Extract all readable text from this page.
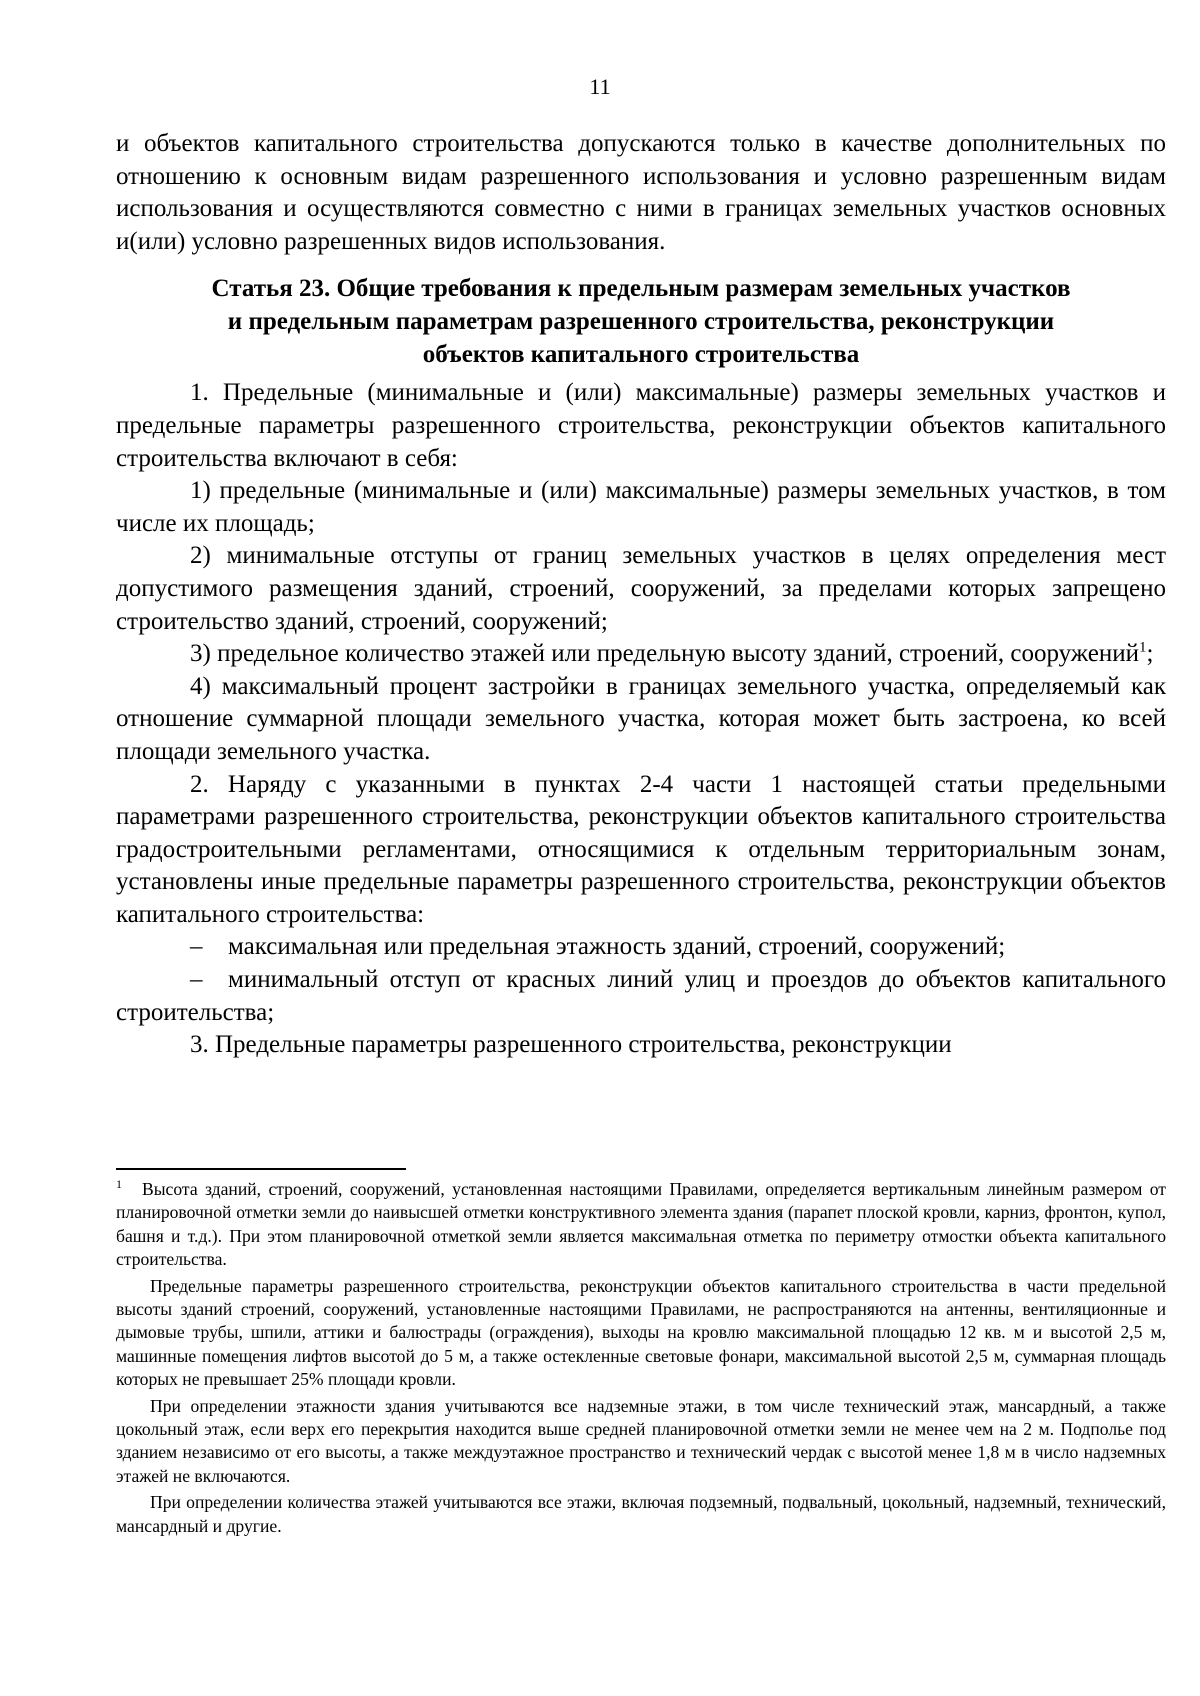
11

и объектов капитального строительства допускаются только в качестве дополнительных по отношению к основным видам разрешенного использования и условно разрешенным видам использования и осуществляются совместно с ними в границах земельных участков основных и(или) условно разрешенных видов использования.

Статья 23. Общие требования к предельным размерам земельных участков
и предельным параметрам разрешенного строительства, реконструкции
объектов капитального строительства

1. Предельные (минимальные и (или) максимальные) размеры земельных участков и предельные параметры разрешенного строительства, реконструкции объектов капитального строительства включают в себя:

1) предельные (минимальные и (или) максимальные) размеры земельных участков, в том числе их площадь;

2) минимальные отступы от границ земельных участков в целях определения мест допустимого размещения зданий, строений, сооружений, за пределами которых запрещено строительство зданий, строений, сооружений;

3) предельное количество этажей или предельную высоту зданий, строений, сооружений$^1$;

4) максимальный процент застройки в границах земельного участка, определяемый как отношение суммарной площади земельного участка, которая может быть застроена, ко всей площади земельного участка.

2. Наряду с указанными в пунктах 2-4 части 1 настоящей статьи предельными параметрами разрешенного строительства, реконструкции объектов капитального строительства градостроительными регламентами, относящимися к отдельным территориальным зонам, установлены иные предельные параметры разрешенного строительства, реконструкции объектов капитального строительства:

– максимальная или предельная этажность зданий, строений, сооружений;

– минимальный отступ от красных линий улиц и проездов до объектов капитального строительства;

3. Предельные параметры разрешенного строительства, реконструкции

$^1$ Высота зданий, строений, сооружений, установленная настоящими Правилами, определяется вертикальным линейным размером от планировочной отметки земли до наивысшей отметки конструктивного элемента здания (парапет плоской кровли, карниз, фронтон, купол, башня и т.д.). При этом планировочной отметкой земли является максимальная отметка по периметру отмостки объекта капитального строительства.

Предельные параметры разрешенного строительства, реконструкции объектов капитального строительства в части предельной высоты зданий строений, сооружений, установленные настоящими Правилами, не распространяются на антенны, вентиляционные и дымовые трубы, шпили, аттики и балюстрады (ограждения), выходы на кровлю максимальной площадью 12 кв. м и высотой 2,5 м, машинные помещения лифтов высотой до 5 м, а также остекленные световые фонари, максимальной высотой 2,5 м, суммарная площадь которых не превышает 25% площади кровли.

При определении этажности здания учитываются все надземные этажи, в том числе технический этаж, мансардный, а также цокольный этаж, если верх его перекрытия находится выше средней планировочной отметки земли не менее чем на 2 м. Подполье под зданием независимо от его высоты, а также междуэтажное пространство и технический чердак с высотой менее 1,8 м в число надземных этажей не включаются.

При определении количества этажей учитываются все этажи, включая подземный, подвальный, цокольный, надземный, технический, мансардный и другие.
